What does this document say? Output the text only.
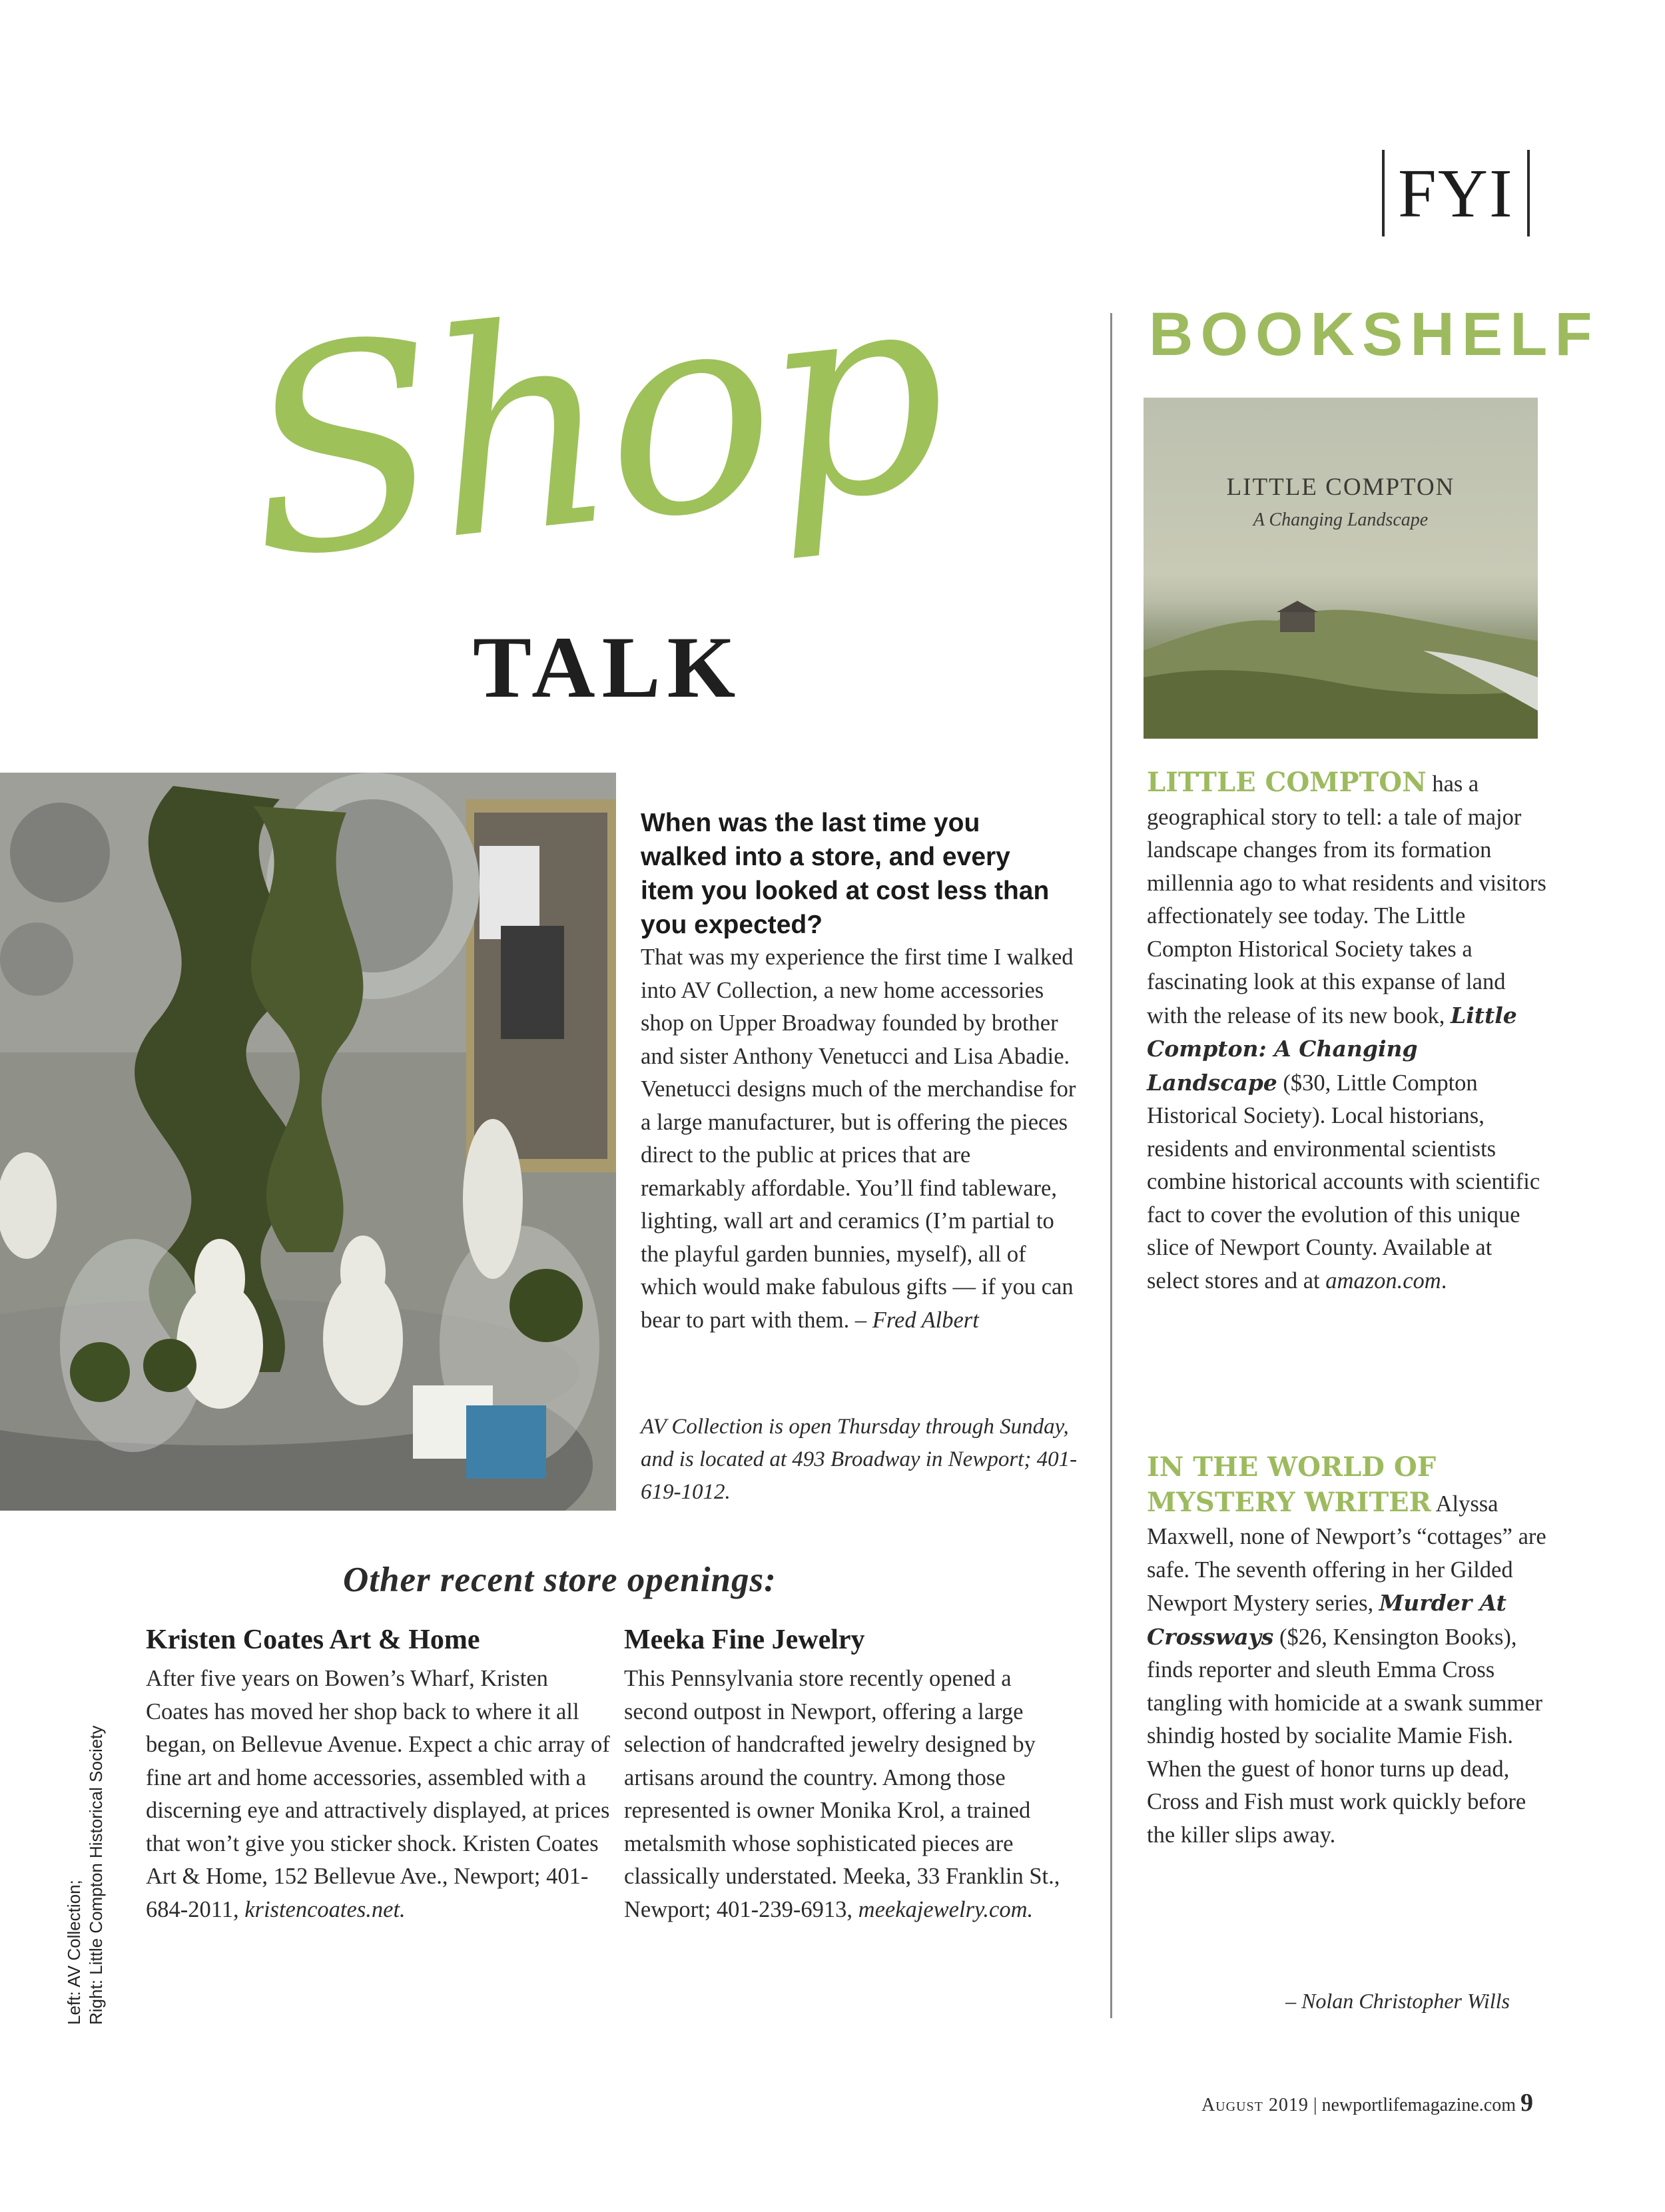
FYI
Shop
TALK
When was the last time you walked into a store, and every item you looked at cost less than you expected?
That was my experience the first time I walked into AV Collection, a new home accessories shop on Upper Broadway founded by brother and sister Anthony Venetucci and Lisa Abadie. Venetucci designs much of the merchandise for a large manufacturer, but is offering the pieces direct to the public at prices that are remarkably affordable. You’ll find tableware, lighting, wall art and ceramics (I’m partial to the playful garden bunnies, myself), all of which would make fabulous gifts — if you can bear to part with them. – Fred Albert
AV Collection is open Thursday through Sunday, and is located at 493 Broadway in Newport; 401-619-1012.
Other recent store openings:
Kristen Coates Art & Home
After five years on Bowen’s Wharf, Kristen Coates has moved her shop back to where it all began, on Bellevue Avenue. Expect a chic array of fine art and home accessories, assembled with a discerning eye and attractively displayed, at prices that won’t give you sticker shock. Kristen Coates Art & Home, 152 Bellevue Ave., Newport; 401-684-2011, kristencoates.net.
Meeka Fine Jewelry
This Pennsylvania store recently opened a second outpost in Newport, offering a large selection of handcrafted jewelry designed by artisans around the country. Among those represented is owner Monika Krol, a trained metalsmith whose sophisticated pieces are classically understated. Meeka, 33 Franklin St., Newport; 401-239-6913, meekajewelry.com.
Left: AV Collection; Right: Little Compton Historical Society
BOOKSHELF
LITTLE COMPTON
A Changing Landscape
LITTLE COMPTON has a geographical story to tell: a tale of major landscape changes from its formation millennia ago to what residents and visitors affectionately see today. The Little Compton Historical Society takes a fascinating look at this expanse of land with the release of its new book, Little Compton: A Changing Landscape ($30, Little Compton Historical Society). Local historians, residents and environmental scientists combine historical accounts with scientific fact to cover the evolution of this unique slice of Newport County. Available at select stores and at amazon.com.
IN THE WORLD OF MYSTERY WRITER Alyssa Maxwell, none of Newport’s “cottages” are safe. The seventh offering in her Gilded Newport Mystery series, Murder At Crossways ($26, Kensington Books), finds reporter and sleuth Emma Cross tangling with homicide at a swank summer shindig hosted by socialite Mamie Fish. When the guest of honor turns up dead, Cross and Fish must work quickly before the killer slips away.
– Nolan Christopher Wills
August 2019 | newportlifemagazine.com 9
